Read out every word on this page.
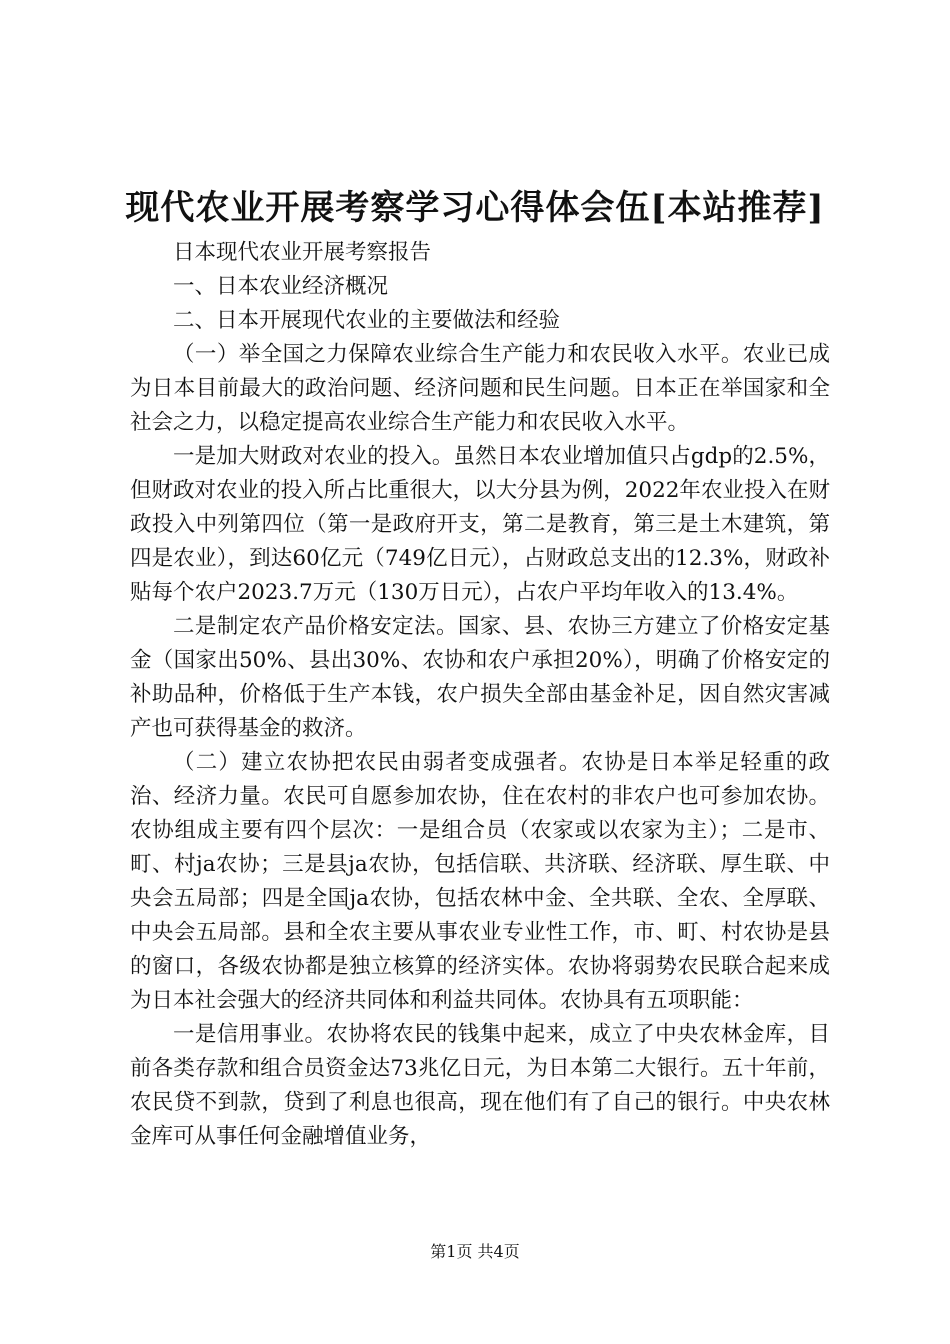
现代农业开展考察学习心得体会伍[本站推荐]

日本现代农业开展考察报告

一、日本农业经济概况

二、日本开展现代农业的主要做法和经验

（一）举全国之力保障农业综合生产能力和农民收入水平。农业已成为日本目前最大的政治问题、经济问题和民生问题。日本正在举国家和全社会之力，以稳定提高农业综合生产能力和农民收入水平。

一是加大财政对农业的投入。虽然日本农业增加值只占gdp的2.5%，但财政对农业的投入所占比重很大，以大分县为例，2022年农业投入在财政投入中列第四位（第一是政府开支，第二是教育，第三是土木建筑，第四是农业），到达60亿元（749亿日元），占财政总支出的12.3%，财政补贴每个农户2023.7万元（130万日元），占农户平均年收入的13.4%。

二是制定农产品价格安定法。国家、县、农协三方建立了价格安定基金（国家出50%、县出30%、农协和农户承担20%），明确了价格安定的补助品种，价格低于生产本钱，农户损失全部由基金补足，因自然灾害减产也可获得基金的救济。

（二）建立农协把农民由弱者变成强者。农协是日本举足轻重的政治、经济力量。农民可自愿参加农协，住在农村的非农户也可参加农协。农协组成主要有四个层次：一是组合员（农家或以农家为主）；二是市、町、村ja农协；三是县ja农协，包括信联、共济联、经济联、厚生联、中央会五局部；四是全国ja农协，包括农林中金、全共联、全农、全厚联、中央会五局部。县和全农主要从事农业专业性工作，市、町、村农协是县的窗口，各级农协都是独立核算的经济实体。农协将弱势农民联合起来成为日本社会强大的经济共同体和利益共同体。农协具有五项职能：

一是信用事业。农协将农民的钱集中起来，成立了中央农林金库，目前各类存款和组合员资金达73兆亿日元，为日本第二大银行。五十年前，农民贷不到款，贷到了利息也很高，现在他们有了自己的银行。中央农林金库可从事任何金融增值业务，

第1页 共4页
